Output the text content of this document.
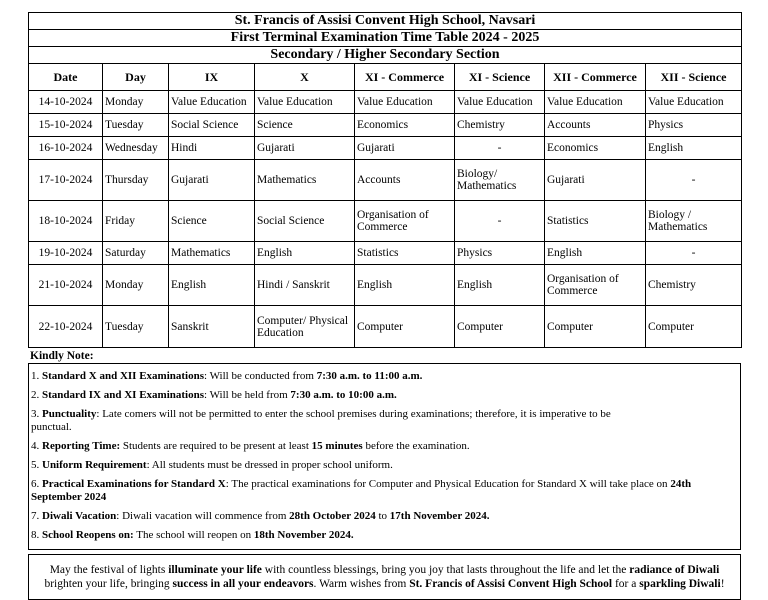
St. Francis of Assisi Convent High School, Navsari							
First Terminal Examination Time Table 2024 - 2025							
Secondary / Higher Secondary Section							
Date	Day	IX	X	XI - Commerce	XI - Science	XII - Commerce	XII - Science
14-10-2024	Monday	Value Education	Value Education	Value Education	Value Education	Value Education	Value Education
15-10-2024	Tuesday	Social Science	Science	Economics	Chemistry	Accounts	Physics
16-10-2024	Wednesday	Hindi	Gujarati	Gujarati	-	Economics	English
17-10-2024	Thursday	Gujarati	Mathematics	Accounts	Biology/ Mathematics	Gujarati	-
18-10-2024	Friday	Science	Social Science	Organisation of Commerce	-	Statistics	Biology / Mathematics
19-10-2024	Saturday	Mathematics	English	Statistics	Physics	English	-
21-10-2024	Monday	English	Hindi / Sanskrit	English	English	Organisation of Commerce	Chemistry
22-10-2024	Tuesday	Sanskrit	Computer/ Physical Education	Computer	Computer	Computer	Computer
Kindly Note:
1. Standard X and XII Examinations: Will be conducted from 7:30 a.m. to 11:00 a.m.
2. Standard IX and XI Examinations: Will be held from 7:30 a.m. to 10:00 a.m.
3. Punctuality: Late comers will not be permitted to enter the school premises during examinations; therefore, it is imperative to be punctual.
4. Reporting Time: Students are required to be present at least 15 minutes before the examination.
5. Uniform Requirement: All students must be dressed in proper school uniform.
6. Practical Examinations for Standard X: The practical examinations for Computer and Physical Education for Standard X will take place on 24th September 2024
7. Diwali Vacation: Diwali vacation will commence from 28th October 2024 to 17th November 2024.
8. School Reopens on: The school will reopen on 18th November 2024.
May the festival of lights illuminate your life with countless blessings, bring you joy that lasts throughout the life and let the radiance of Diwali
brighten your life, bringing success in all your endeavors. Warm wishes from St. Francis of Assisi Convent High School for a sparkling Diwali!
